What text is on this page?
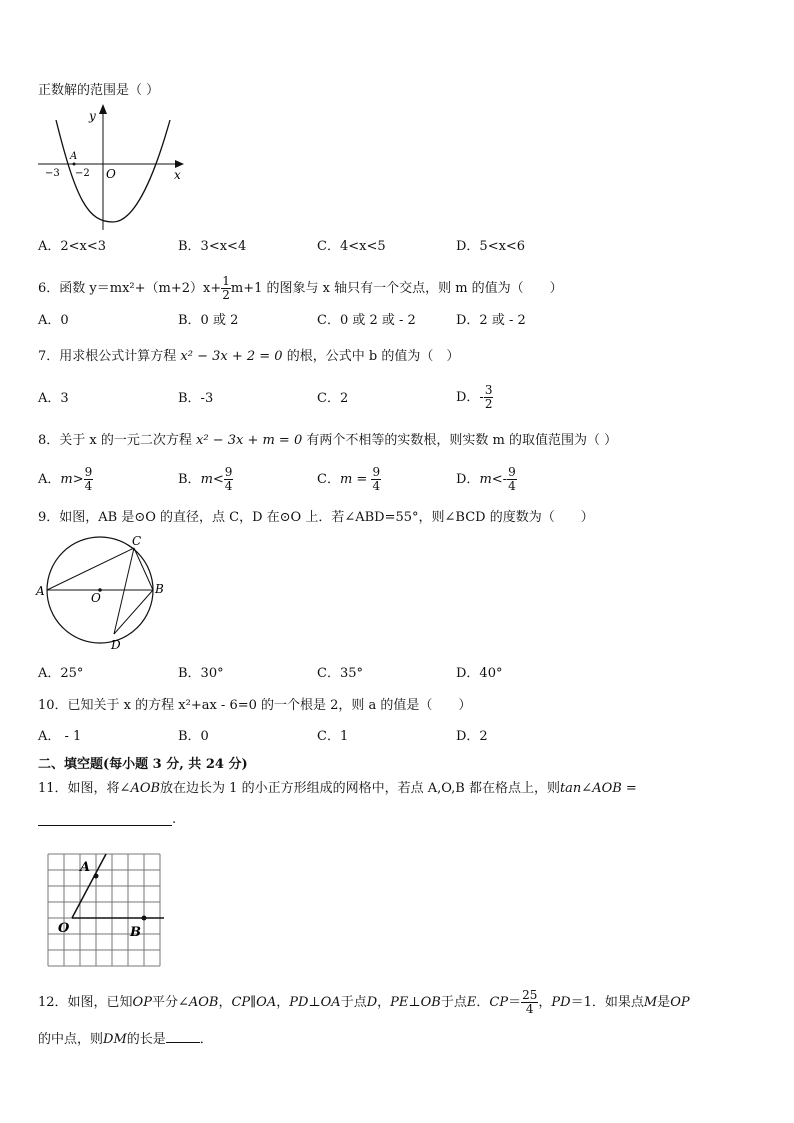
正数解的范围是（ ）
y
x
O
A
−3 −2
A．2<x<3	B．3<x<4	C．4<x<5	D．5<x<6
6．函数 $y=mx^2+(m+2)x+ \frac{1}{2} m+1$ 的图象与 x 轴只有一个交点，则 m 的值为（　　）
A．0	B．0 或 2	C．0 或 2 或 - 2	D．2 或 - 2
7．用求根公式计算方程 x² − 3x + 2 = 0 的根，公式中 b 的值为（　）
A．3	B．-3	C．2	D．- $\frac{3}{2}$
8．关于 x 的一元二次方程 x² − 3x + m = 0 有两个不相等的实数根，则实数 m 的取值范围为（ ）
A．$m> \frac{9}{4}$	B．$m< \frac{9}{4}$	C．$m = \frac{9}{4}$	D．$m<- \frac{9}{4}$
9．如图，AB 是⊙O 的直径，点 C，D 在⊙O 上．若∠ABD=55°，则∠BCD 的度数为（　　）
A	B
C
D
O
A．25°	B．30°	C．35°	D．40°
10．已知关于 x 的方程 x²+ax - 6=0 的一个根是 2，则 a 的值是（　　）
A． - 1	B．0	C．1	D．2
二、填空题(每小题 3 分, 共 24 分)
11．如图，将∠AOB放在边长为 1 的小正方形组成的网格中，若点 A,O,B 都在格点上，则tan∠AOB =
.
A
O	B
12．如图，已知OP平分∠AOB，CP∥OA，PD⊥OA于点D，PE⊥OB于点E．$CP= \frac{25}{4}$ ，PD＝1．如果点M是OP
的中点，则DM的长是	．
